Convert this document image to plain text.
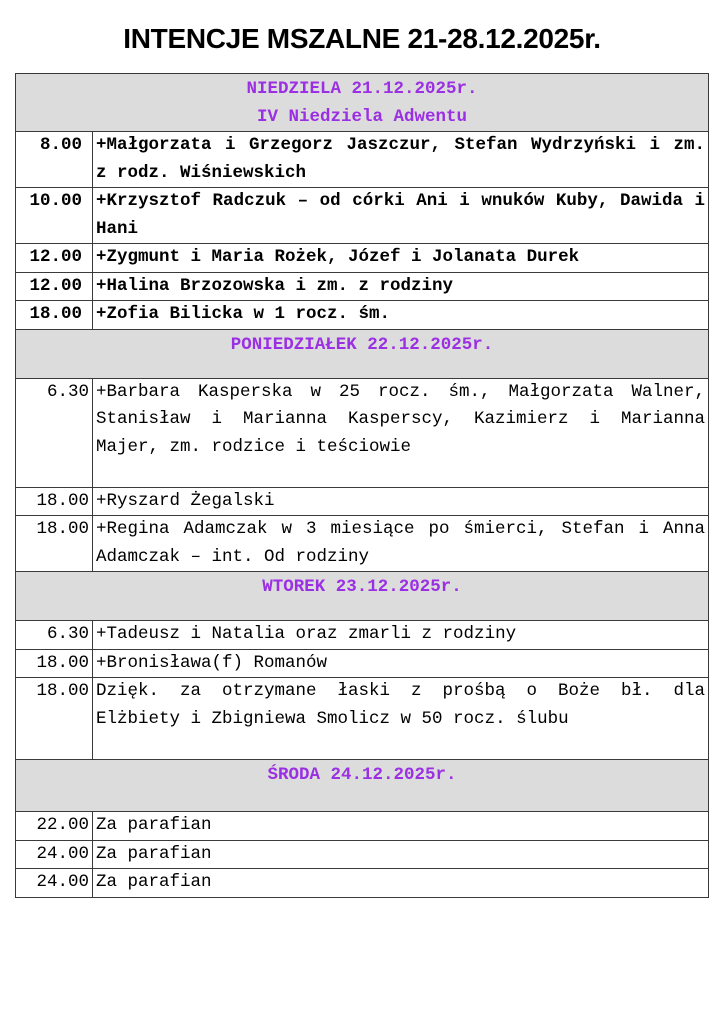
INTENCJE MSZALNE 21-28.12.2025r.
NIEDZIELA 21.12.2025r.
IV Niedziela Adwentu	

8.00	+Małgorzata i Grzegorz Jaszczur, Stefan Wydrzyński i zm. z rodz. Wiśniewskich
10.00	+Krzysztof Radczuk – od córki Ani i wnuków Kuby, Dawida i Hani
12.00	+Zygmunt i Maria Rożek, Józef i Jolanata Durek
12.00	+Halina Brzozowska i zm. z rodziny
18.00	+Zofia Bilicka w 1 rocz. śm.

PONIEDZIAŁEK 22.12.2025r.	

6.30	+Barbara Kasperska w 25 rocz. śm., Małgorzata Walner, Stanisław i Marianna Kasperscy, Kazimierz i Marianna Majer, zm. rodzice i teściowie
18.00	+Ryszard Żegalski
18.00	+Regina Adamczak w 3 miesiące po śmierci, Stefan i Anna Adamczak – int. Od rodziny

WTOREK 23.12.2025r.	

6.30	+Tadeusz i Natalia oraz zmarli z rodziny
18.00	+Bronisława(f) Romanów
18.00	Dzięk. za otrzymane łaski z prośbą o Boże bł. dla Elżbiety i Zbigniewa Smolicz w 50 rocz. ślubu

ŚRODA 24.12.2025r.	

22.00	Za parafian
24.00	Za parafian
24.00	Za parafian
